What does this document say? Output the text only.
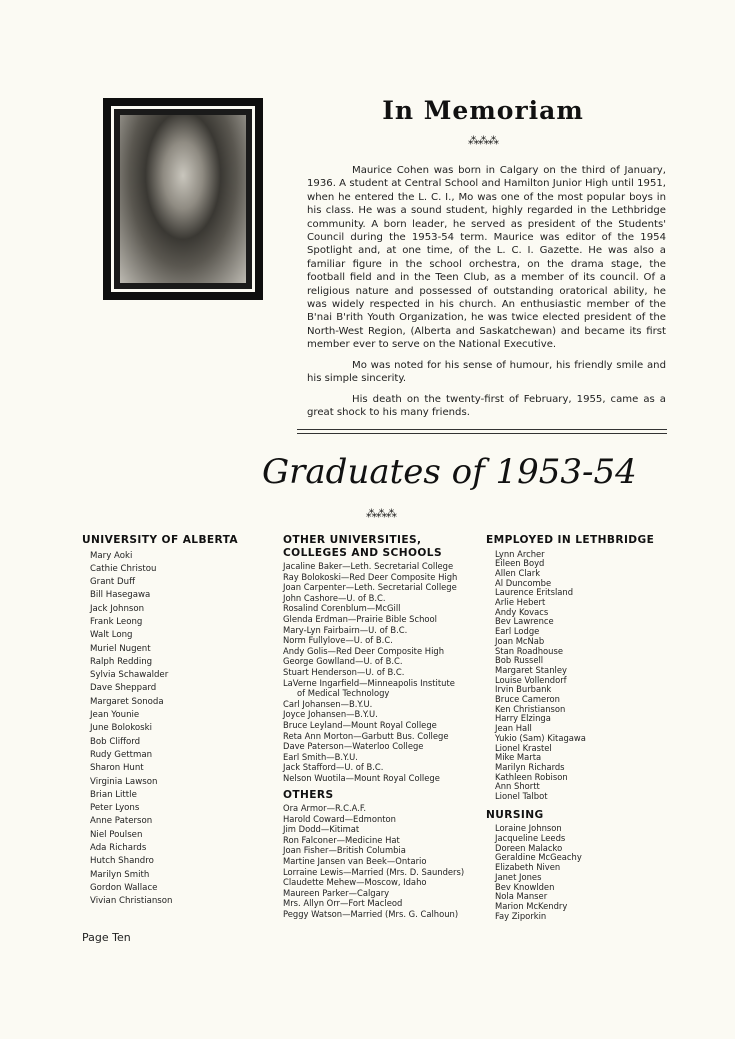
In Memoriam
⁂⁂⁂

Maurice Cohen was born in Calgary on the third of January, 1936. A student at Central School and Hamilton Junior High until 1951, when he entered the L. C. I., Mo was one of the most popular boys in his class. He was a sound student, highly regarded in the Lethbridge community. A born leader, he served as president of the Students' Council during the 1953-54 term. Maurice was editor of the 1954 Spotlight and, at one time, of the L. C. I. Gazette. He was also a familiar figure in the school orchestra, on the drama stage, the football field and in the Teen Club, as a member of its council. Of a religious nature and possessed of outstanding oratorical ability, he was widely respected in his church. An enthusiastic member of the B'nai B'rith Youth Organization, he was twice elected president of the North-West Region, (Alberta and Saskatchewan) and became its first member ever to serve on the National Executive.

Mo was noted for his sense of humour, his friendly smile and his simple sincerity.

His death on the twenty-first of February, 1955, came as a great shock to his many friends.

Graduates of 1953-54
⁂⁂⁂
UNIVERSITY OF ALBERTA
Mary Aoki
Cathie Christou
Grant Duff
Bill Hasegawa
Jack Johnson
Frank Leong
Walt Long
Muriel Nugent
Ralph Redding
Sylvia Schawalder
Dave Sheppard
Margaret Sonoda
Jean Younie
June Bolokoski
Bob Clifford
Rudy Gettman
Sharon Hunt
Virginia Lawson
Brian Little
Peter Lyons
Anne Paterson
Niel Poulsen
Ada Richards
Hutch Shandro
Marilyn Smith
Gordon Wallace
Vivian Christianson
OTHER UNIVERSITIES,
COLLEGES AND SCHOOLS
Jacaline Baker—Leth. Secretarial College
Ray Bolokoski—Red Deer Composite High
Joan Carpenter—Leth. Secretarial College
John Cashore—U. of B.C.
Rosalind Corenblum—McGill
Glenda Erdman—Prairie Bible School
Mary-Lyn Fairbairn—U. of B.C.
Norm Fullylove—U. of B.C.
Andy Golis—Red Deer Composite High
George Gowlland—U. of B.C.
Stuart Henderson—U. of B.C.
LaVerne Ingarfield—Minneapolis Institute
of Medical Technology
Carl Johansen—B.Y.U.
Joyce Johansen—B.Y.U.
Bruce Leyland—Mount Royal College
Reta Ann Morton—Garbutt Bus. College
Dave Paterson—Waterloo College
Earl Smith—B.Y.U.
Jack Stafford—U. of B.C.
Nelson Wuotila—Mount Royal College
OTHERS
Ora Armor—R.C.A.F.
Harold Coward—Edmonton
Jim Dodd—Kitimat
Ron Falconer—Medicine Hat
Joan Fisher—British Columbia
Martine Jansen van Beek—Ontario
Lorraine Lewis—Married (Mrs. D. Saunders)
Claudette Mehew—Moscow, Idaho
Maureen Parker—Calgary
Mrs. Allyn Orr—Fort Macleod
Peggy Watson—Married (Mrs. G. Calhoun)
EMPLOYED IN LETHBRIDGE
Lynn Archer
Eileen Boyd
Allen Clark
Al Duncombe
Laurence Eritsland
Arlie Hebert
Andy Kovacs
Bev Lawrence
Earl Lodge
Joan McNab
Stan Roadhouse
Bob Russell
Margaret Stanley
Louise Vollendorf
Irvin Burbank
Bruce Cameron
Ken Christianson
Harry Elzinga
Jean Hall
Yukio (Sam) Kitagawa
Lionel Krastel
Mike Marta
Marilyn Richards
Kathleen Robison
Ann Shortt
Lionel Talbot
NURSING
Loraine Johnson
Jacqueline Leeds
Doreen Malacko
Geraldine McGeachy
Elizabeth Niven
Janet Jones
Bev Knowlden
Nola Manser
Marion McKendry
Fay Ziporkin
Page Ten
